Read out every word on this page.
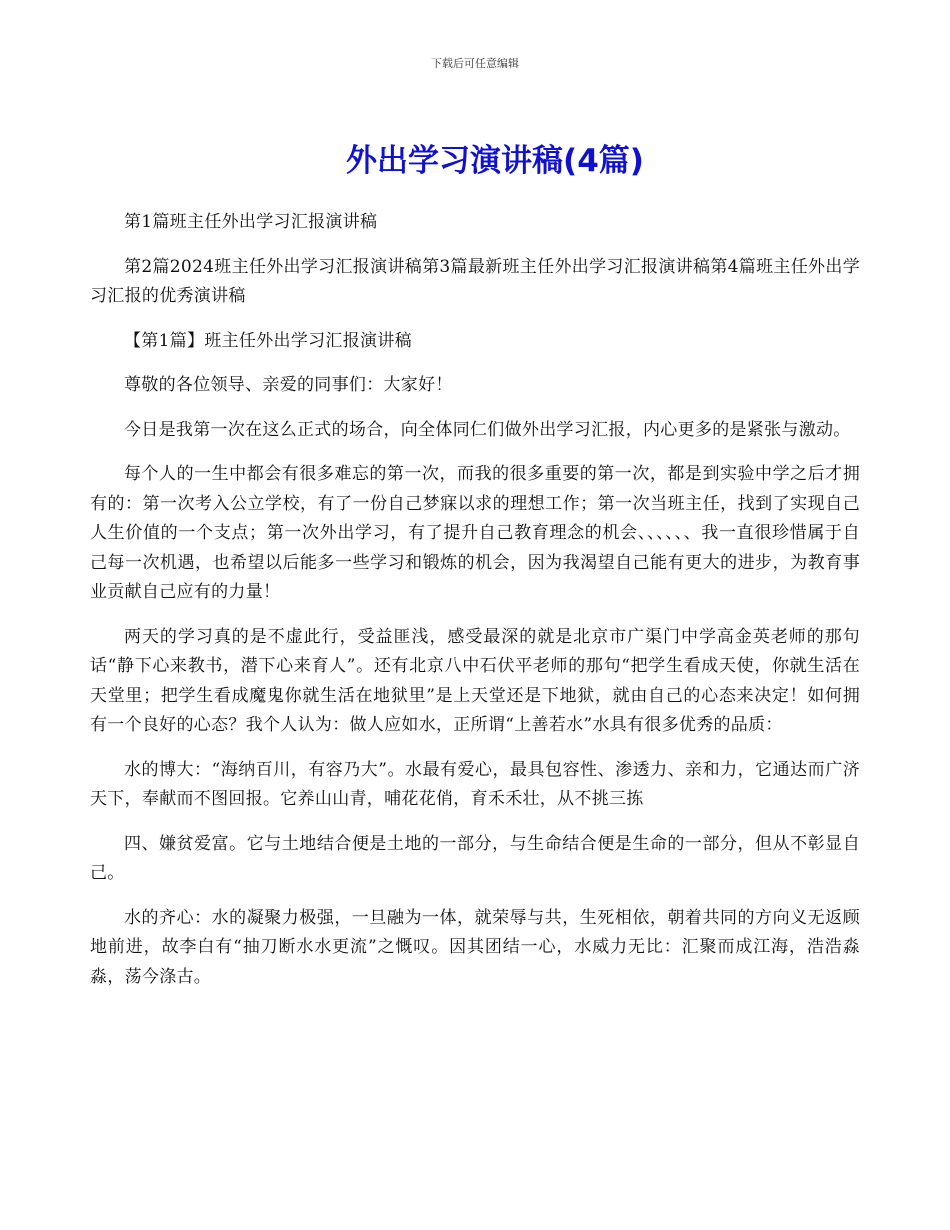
下载后可任意编辑
外出学习演讲稿(4篇)

第1篇班主任外出学习汇报演讲稿

第2篇2024班主任外出学习汇报演讲稿第3篇最新班主任外出学习汇报演讲稿第4篇班主任外出学习汇报的优秀演讲稿

【第1篇】班主任外出学习汇报演讲稿

尊敬的各位领导、亲爱的同事们：大家好！

今日是我第一次在这么正式的场合，向全体同仁们做外出学习汇报，内心更多的是紧张与激动。

每个人的一生中都会有很多难忘的第一次，而我的很多重要的第一次，都是到实验中学之后才拥有的：第一次考入公立学校，有了一份自己梦寐以求的理想工作；第一次当班主任，找到了实现自己人生价值的一个支点；第一次外出学习，有了提升自己教育理念的机会、、、、、、我一直很珍惜属于自己每一次机遇，也希望以后能多一些学习和锻炼的机会，因为我渴望自己能有更大的进步，为教育事业贡献自己应有的力量！

两天的学习真的是不虚此行，受益匪浅，感受最深的就是北京市广渠门中学高金英老师的那句话“静下心来教书，潜下心来育人”。还有北京八中石伏平老师的那句“把学生看成天使，你就生活在天堂里；把学生看成魔鬼你就生活在地狱里”是上天堂还是下地狱，就由自己的心态来决定！如何拥有一个良好的心态？我个人认为：做人应如水，正所谓“上善若水”水具有很多优秀的品质：

水的博大：“海纳百川，有容乃大”。水最有爱心，最具包容性、渗透力、亲和力，它通达而广济天下，奉献而不图回报。它养山山青，哺花花俏，育禾禾壮，从不挑三拣

四、嫌贫爱富。它与土地结合便是土地的一部分，与生命结合便是生命的一部分，但从不彰显自己。

水的齐心：水的凝聚力极强，一旦融为一体，就荣辱与共，生死相依，朝着共同的方向义无返顾地前进，故李白有“抽刀断水水更流”之慨叹。因其团结一心，水威力无比：汇聚而成江海，浩浩淼淼，荡今涤古。
